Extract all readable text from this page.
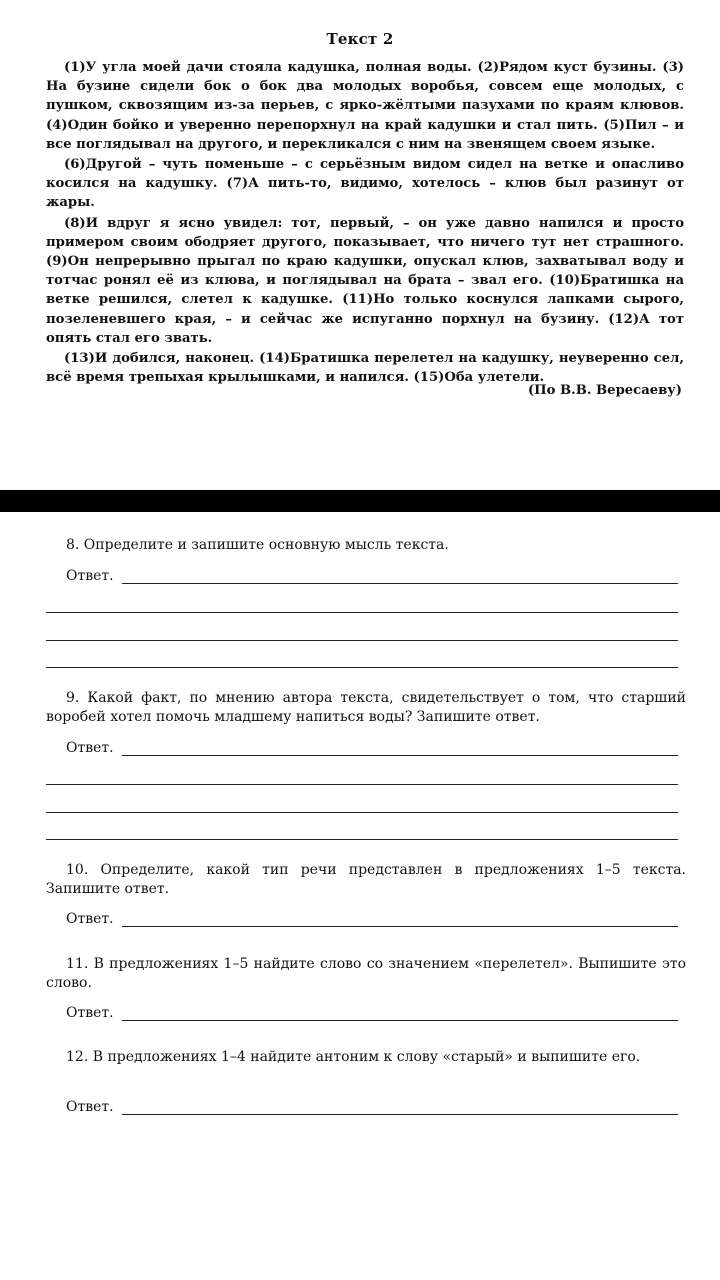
Текст 2

(1)У угла моей дачи стояла кадушка, полная воды. (2)Рядом куст бузины. (3) На бузине сидели бок о бок два молодых воробья, совсем еще молодых, с пушком, сквозящим из-за перьев, с ярко-жёлтыми пазухами по краям клювов. (4)Один бойко и уверенно перепорхнул на край кадушки и стал пить. (5)Пил – и все поглядывал на другого, и перекликался с ним на звенящем своем языке.

(6)Другой – чуть поменьше – с серьёзным видом сидел на ветке и опасливо косился на кадушку. (7)А пить-то, видимо, хотелось – клюв был разинут от жары.

(8)И вдруг я ясно увидел: тот, первый, – он уже давно напился и просто примером своим ободряет другого, показывает, что ничего тут нет страшного. (9)Он непрерывно прыгал по краю кадушки, опускал клюв, захватывал воду и тотчас ронял её из клюва, и поглядывал на брата – звал его. (10)Братишка на ветке решился, слетел к кадушке. (11)Но только коснулся лапками сырого, позеленевшего края, – и сейчас же испуганно порхнул на бузину. (12)А тот опять стал его звать.

(13)И добился, наконец. (14)Братишка перелетел на кадушку, неуверенно сел, всё время трепыхая крылышками, и напился. (15)Оба улетели.

(По В.В. Вересаеву)
8. Определите и запишите основную мысль текста.
Ответ.
9. Какой факт, по мнению автора текста, свидетельствует о том, что старший воробей хотел помочь младшему напиться воды? Запишите ответ.
Ответ.
10. Определите, какой тип речи представлен в предложениях 1–5 текста. Запишите ответ.
Ответ.
11. В предложениях 1–5 найдите слово со значением «перелетел». Выпишите это слово.
Ответ.
12. В предложениях 1–4 найдите антоним к слову «старый» и выпишите его.
Ответ.
